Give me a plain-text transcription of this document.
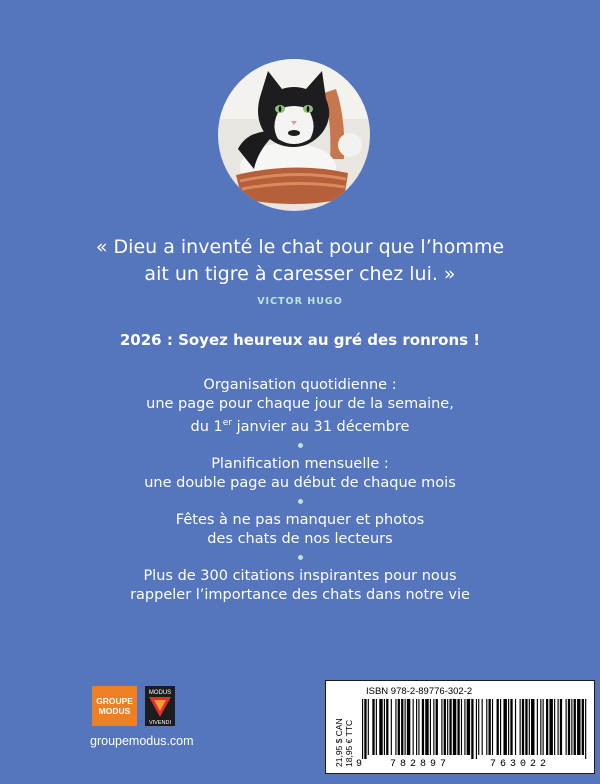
« Dieu a inventé le chat pour que l’homme
ait un tigre à caresser chez lui. »
VICTOR HUGO
2026 : Soyez heureux au gré des ronrons !
Organisation quotidienne :
une page pour chaque jour de la semaine,
du 1er janvier au 31 décembre
Planification mensuelle :
une double page au début de chaque mois
Fêtes à ne pas manquer et photos
des chats de nos lecteurs
Plus de 300 citations inspirantes pour nous
rappeler l’importance des chats dans notre vie
GROUPE
MODUS
MODUS
VIVENDI
groupemodus.com	21,95 $ CAN 18,95 € TTC
ISBN 978-2-89776-302-2
9	782897	763022
